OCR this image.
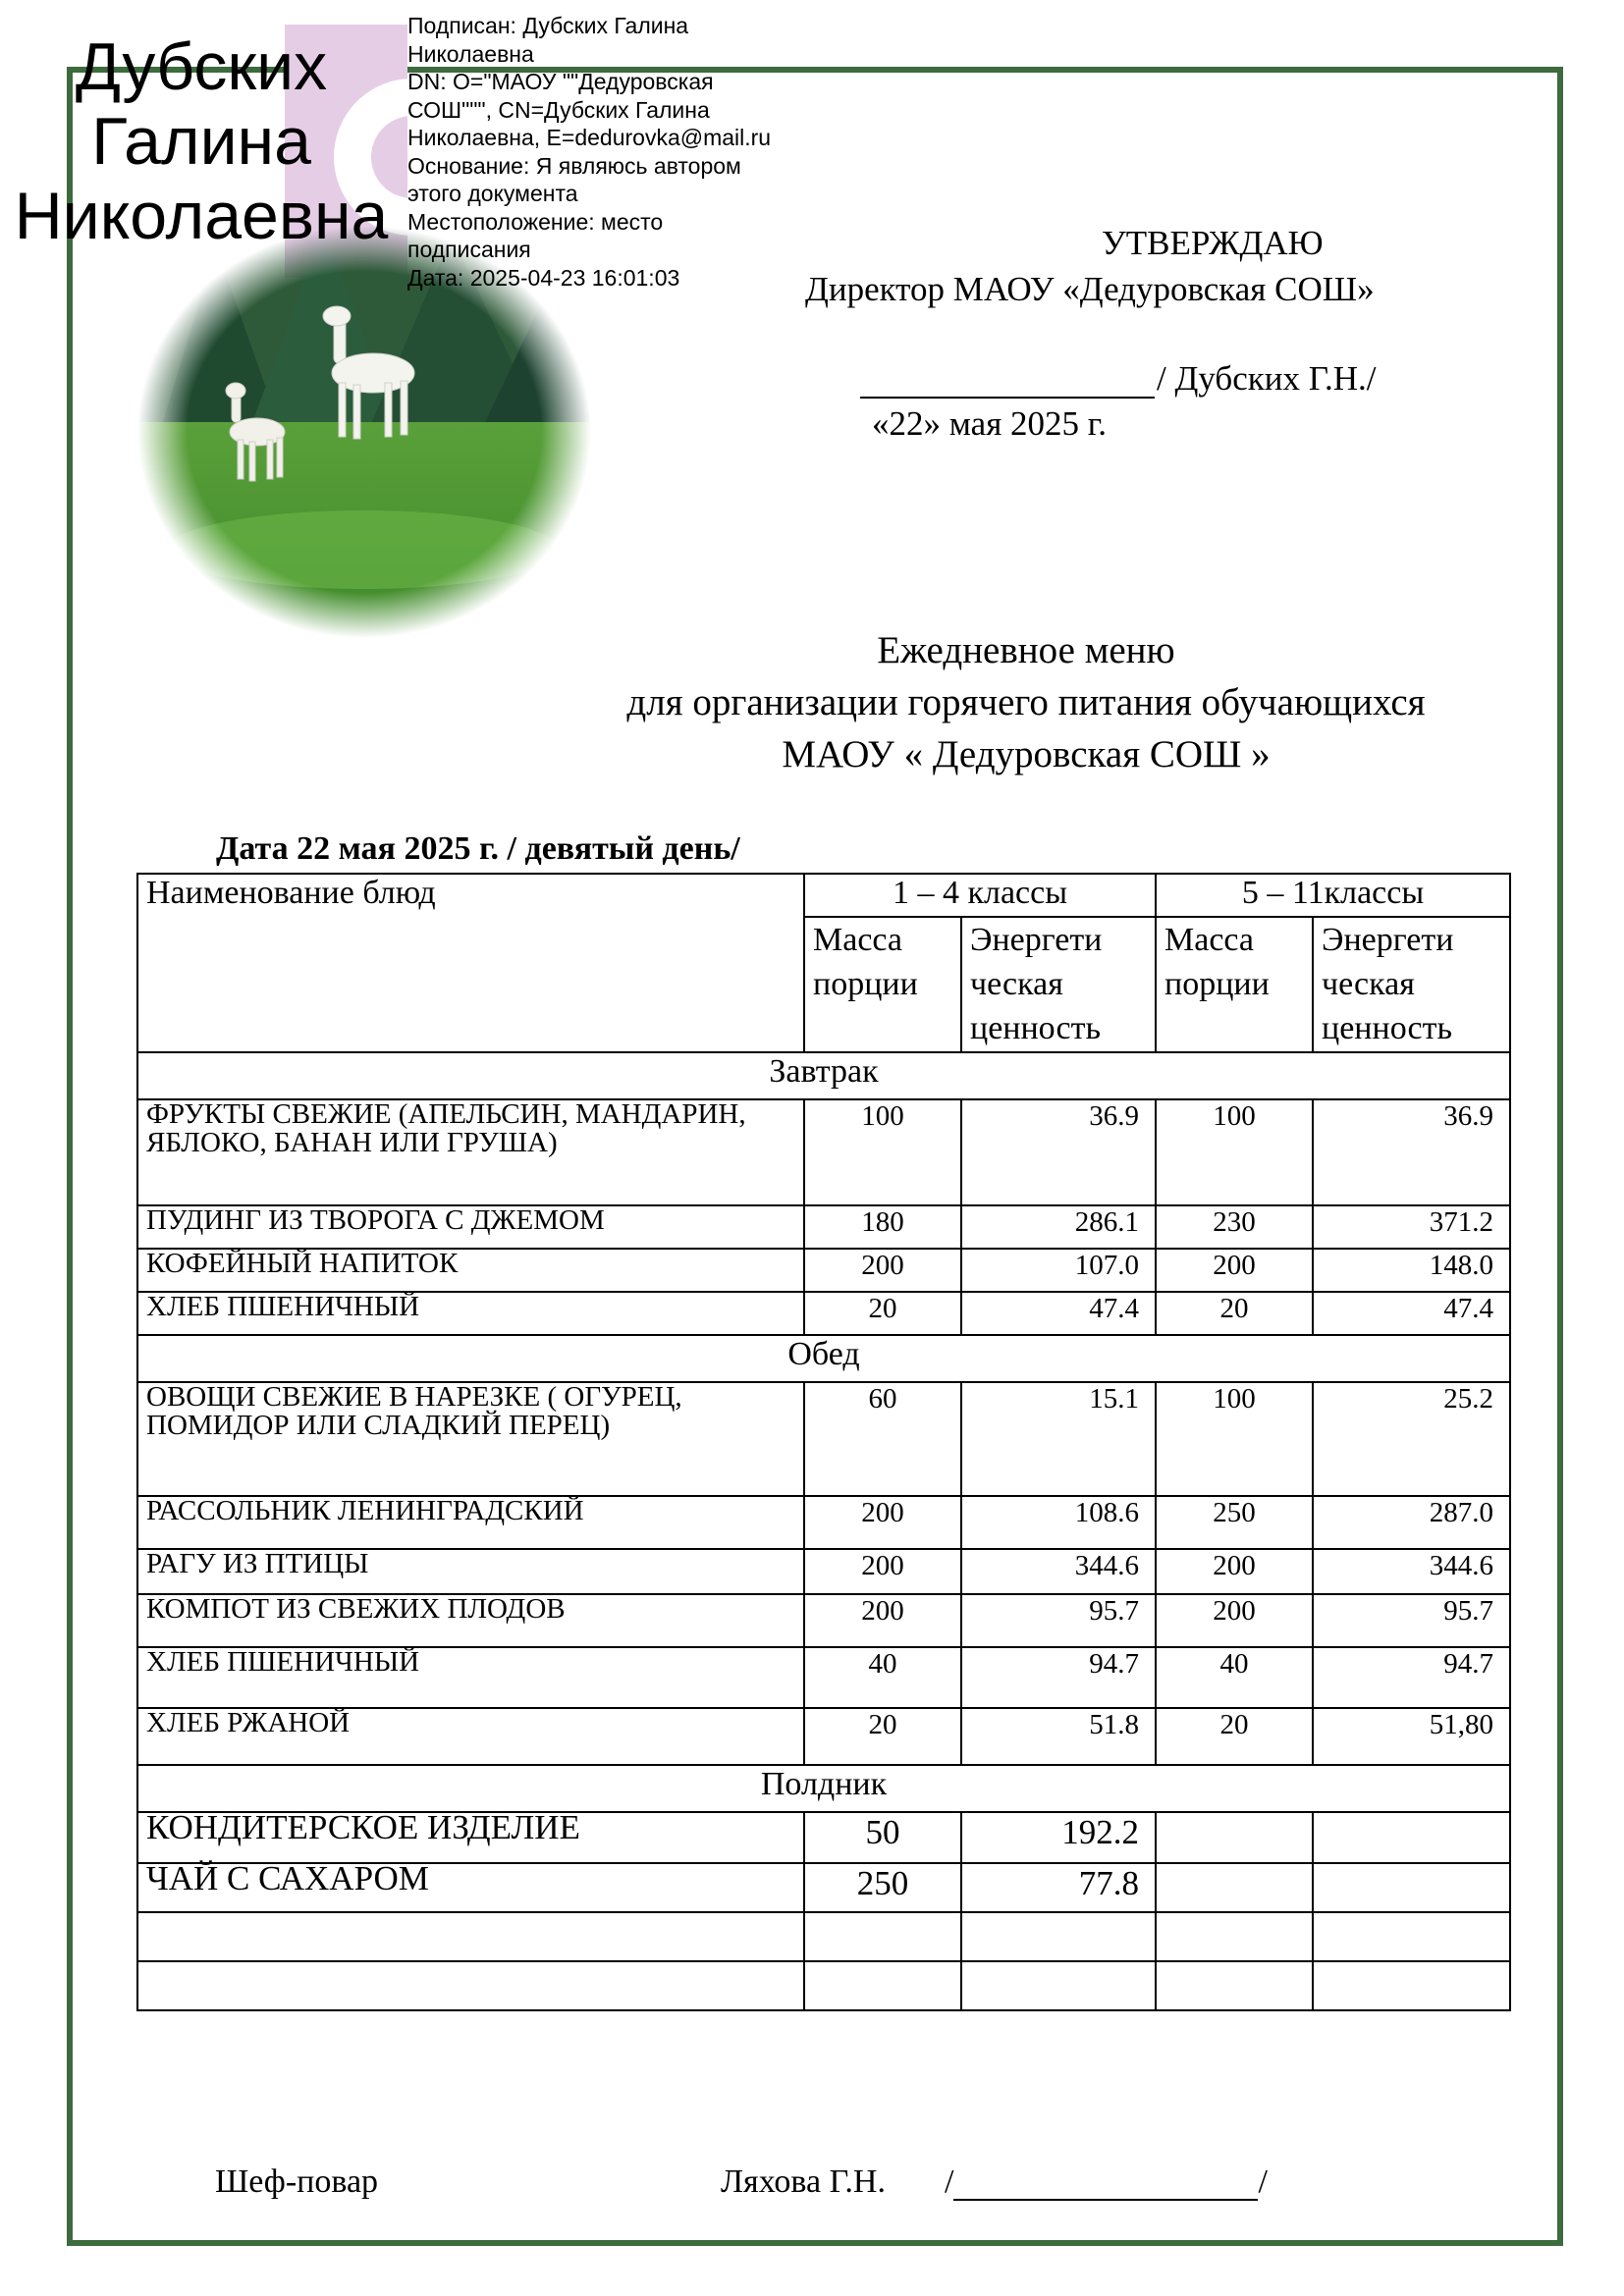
Дубских
Галина
Николаевна
Подписан: Дубских Галина
Николаевна
DN: O="МАОУ ""Дедуровская
СОШ""", CN=Дубских Галина
Николаевна, E=dedurovka@mail.ru
Основание: Я являюсь автором
этого документа
Местоположение: место
подписания
Дата: 2025-04-23 16:01:03
УТВЕРЖДАЮ
Директор МАОУ «Дедуровская СОШ»
/ Дубских Г.Н./
«22» мая 2025 г.
Ежедневное меню
для организации горячего питания обучающихся
МАОУ « Дедуровская СОШ »
Дата 22 мая 2025 г. / девятый день/
Наименование блюд	1 – 4 классы		5 – 11классы	
	Масса порции	Энергети ческая ценность	Масса порции	Энергети ческая ценность
Завтрак				
ФРУКТЫ СВЕЖИЕ (АПЕЛЬСИН, МАНДАРИН, ЯБЛОКО, БАНАН ИЛИ ГРУША)	100	36.9	100	36.9
ПУДИНГ ИЗ ТВОРОГА С ДЖЕМОМ	180	286.1	230	371.2
КОФЕЙНЫЙ НАПИТОК	200	107.0	200	148.0
ХЛЕБ ПШЕНИЧНЫЙ	20	47.4	20	47.4
Обед				
ОВОЩИ СВЕЖИЕ В НАРЕЗКЕ ( ОГУРЕЦ, ПОМИДОР ИЛИ СЛАДКИЙ ПЕРЕЦ)	60	15.1	100	25.2
РАССОЛЬНИК ЛЕНИНГРАДСКИЙ	200	108.6	250	287.0
РАГУ ИЗ ПТИЦЫ	200	344.6	200	344.6
КОМПОТ ИЗ СВЕЖИХ ПЛОДОВ	200	95.7	200	95.7
ХЛЕБ ПШЕНИЧНЫЙ	40	94.7	40	94.7
ХЛЕБ РЖАНОЙ	20	51.8	20	51,80
Полдник				
КОНДИТЕРСКОЕ ИЗДЕЛИЕ	50	192.2		
ЧАЙ С САХАРОМ	250	77.8		

Шеф-повар	Ляхова Г.Н. /	/
